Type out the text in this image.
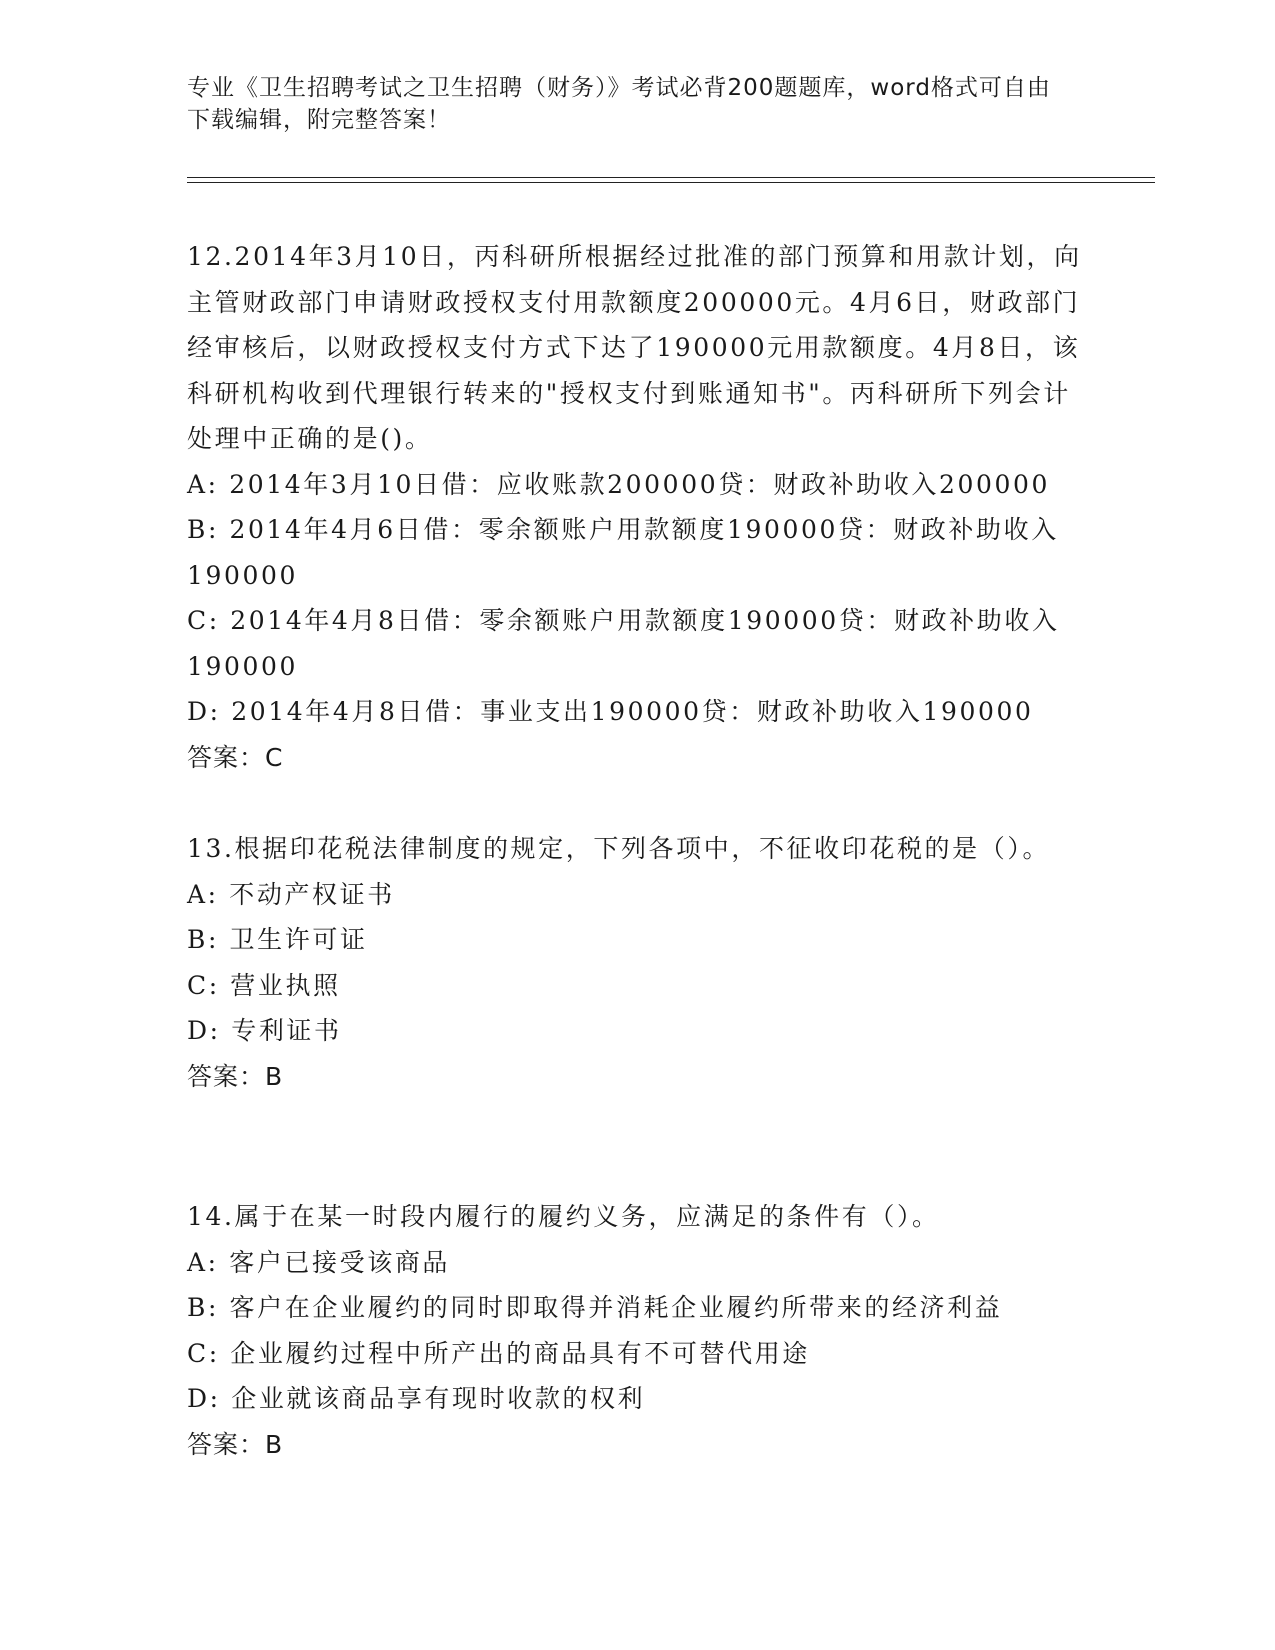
专业《卫生招聘考试之卫生招聘（财务）》考试必背200题题库，word格式可自由下载编辑，附完整答案！

12.2014年3月10日，丙科研所根据经过批准的部门预算和用款计划，向主管财政部门申请财政授权支付用款额度200000元。4月6日，财政部门经审核后，以财政授权支付方式下达了190000元用款额度。4月8日，该科研机构收到代理银行转来的"授权支付到账通知书"。丙科研所下列会计处理中正确的是()。

A: 2014年3月10日借：应收账款200000贷：财政补助收入200000

B: 2014年4月6日借：零余额账户用款额度190000贷：财政补助收入190000

C: 2014年4月8日借：零余额账户用款额度190000贷：财政补助收入190000

D: 2014年4月8日借：事业支出190000贷：财政补助收入190000

答案：C

13.根据印花税法律制度的规定，下列各项中，不征收印花税的是（）。

A: 不动产权证书

B: 卫生许可证

C: 营业执照

D: 专利证书

答案：B

14.属于在某一时段内履行的履约义务，应满足的条件有（）。

A: 客户已接受该商品

B: 客户在企业履约的同时即取得并消耗企业履约所带来的经济利益

C: 企业履约过程中所产出的商品具有不可替代用途

D: 企业就该商品享有现时收款的权利

答案：B
